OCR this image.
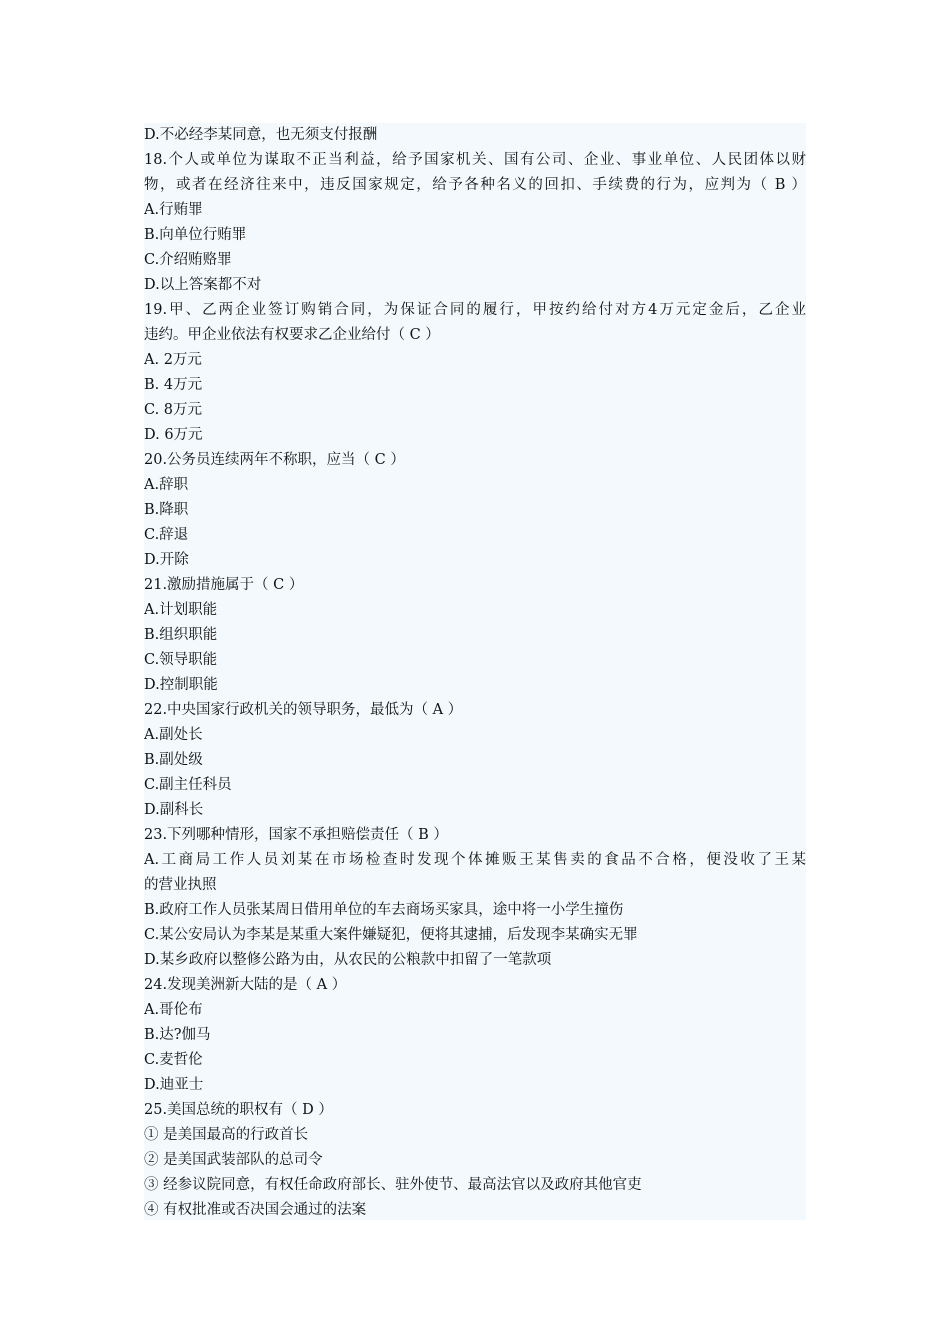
D.不必经李某同意，也无须支付报酬
18.个人或单位为谋取不正当利益，给予国家机关、国有公司、企业、事业单位、人民团体以财
物，或者在经济往来中，违反国家规定，给予各种名义的回扣、手续费的行为，应判为（ B ）
A.行贿罪
B.向单位行贿罪
C.介绍贿赂罪
D.以上答案都不对
19.甲、乙两企业签订购销合同，为保证合同的履行，甲按约给付对方4万元定金后，乙企业
违约。甲企业依法有权要求乙企业给付（ C ）
A. 2万元
B. 4万元
C. 8万元
D. 6万元
20.公务员连续两年不称职，应当（ C ）
A.辞职
B.降职
C.辞退
D.开除
21.激励措施属于（ C ）
A.计划职能
B.组织职能
C.领导职能
D.控制职能
22.中央国家行政机关的领导职务，最低为（ A ）
A.副处长
B.副处级
C.副主任科员
D.副科长
23.下列哪种情形，国家不承担赔偿责任（ B ）
A.工商局工作人员刘某在市场检查时发现个体摊贩王某售卖的食品不合格，便没收了王某
的营业执照
B.政府工作人员张某周日借用单位的车去商场买家具，途中将一小学生撞伤
C.某公安局认为李某是某重大案件嫌疑犯，便将其逮捕，后发现李某确实无罪
D.某乡政府以整修公路为由，从农民的公粮款中扣留了一笔款项
24.发现美洲新大陆的是（ A ）
A.哥伦布
B.达?伽马
C.麦哲伦
D.迪亚士
25.美国总统的职权有（ D ）
① 是美国最高的行政首长
② 是美国武装部队的总司令
③ 经参议院同意，有权任命政府部长、驻外使节、最高法官以及政府其他官吏
④ 有权批准或否决国会通过的法案
